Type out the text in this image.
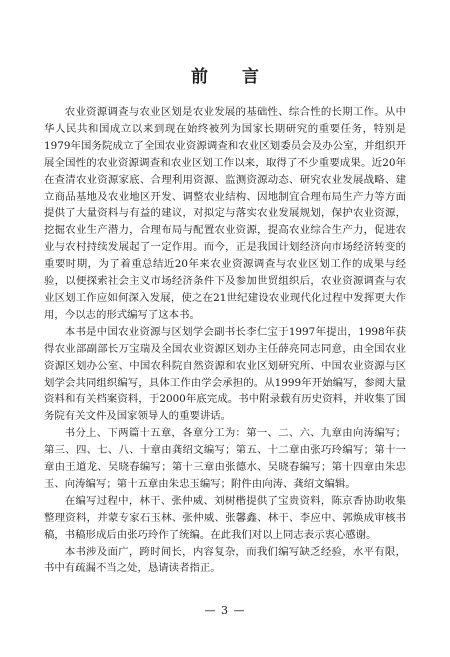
前 言

农业资源调查与农业区划是农业发展的基础性、综合性的长期工作。从中华人民共和国成立以来到现在始终被列为国家长期研究的重要任务，特别是1979年国务院成立了全国农业资源调查和农业区划委员会及办公室，并组织开展全国性的农业资源调查和农业区划工作以来，取得了不少重要成果。近20年在查清农业资源家底、合理利用资源、监测资源动态、研究农业发展战略、建立商品基地及农业地区开发、调整农业结构、因地制宜合理布局生产力等方面提供了大量资料与有益的建议，对拟定与落实农业发展规划，保护农业资源，挖掘农业生产潜力，合理布局与配置农业资源，提高农业综合生产力，促进农业与农村持续发展起了一定作用。而今，正是我国计划经济向市场经济转变的重要时期，为了着重总结近20年来农业资源调查与农业区划工作的成果与经验，以便探索社会主义市场经济条件下及参加世贸组织后，农业资源调查与农业区划工作应如何深入发展，使之在21世纪建设农业现代化过程中发挥更大作用，今以志的形式编写了这本书。

本书是中国农业资源与区划学会副书长李仁宝于1997年提出，1998年获得农业部副部长万宝瑞及全国农业资源区划办主任薛亮同志同意，由全国农业资源区划办公室、中国农科院自然资源和农业区划研究所、中国农业资源与区划学会共同组织编写，具体工作由学会承担的。从1999年开始编写，参阅大量资料和有关档案资料，于2000年底完成。书中附录载有历史资料，并收集了国务院有关文件及国家领导人的重要讲话。

书分上、下两篇十五章，各章分工为：第一、二、六、九章由向涛编写；第三、四、七、八、十章由龚绍文编写；第五、十二章由张巧玲编写；第十一章由王道龙、吴晓春编写；第十三章由张德水、吴晓春编写；第十四章由朱忠玉、向涛编写；第十五章由朱忠玉编写；附件由向涛、龚绍文编辑。

在编写过程中，林干、张仲威、刘树楷提供了宝贵资料，陈京香协助收集整理资料，并蒙专家石玉林、张仲威、张馨鑫、林干、李应中、郭焕成审核书稿，书稿形成后由张巧玲作了统编。在此我们对以上同志表示衷心感谢。

本书涉及面广，跨时间长，内容复杂，而我们编写缺乏经验，水平有限，书中有疏漏不当之处，恳请读者指正。

— 3 —
